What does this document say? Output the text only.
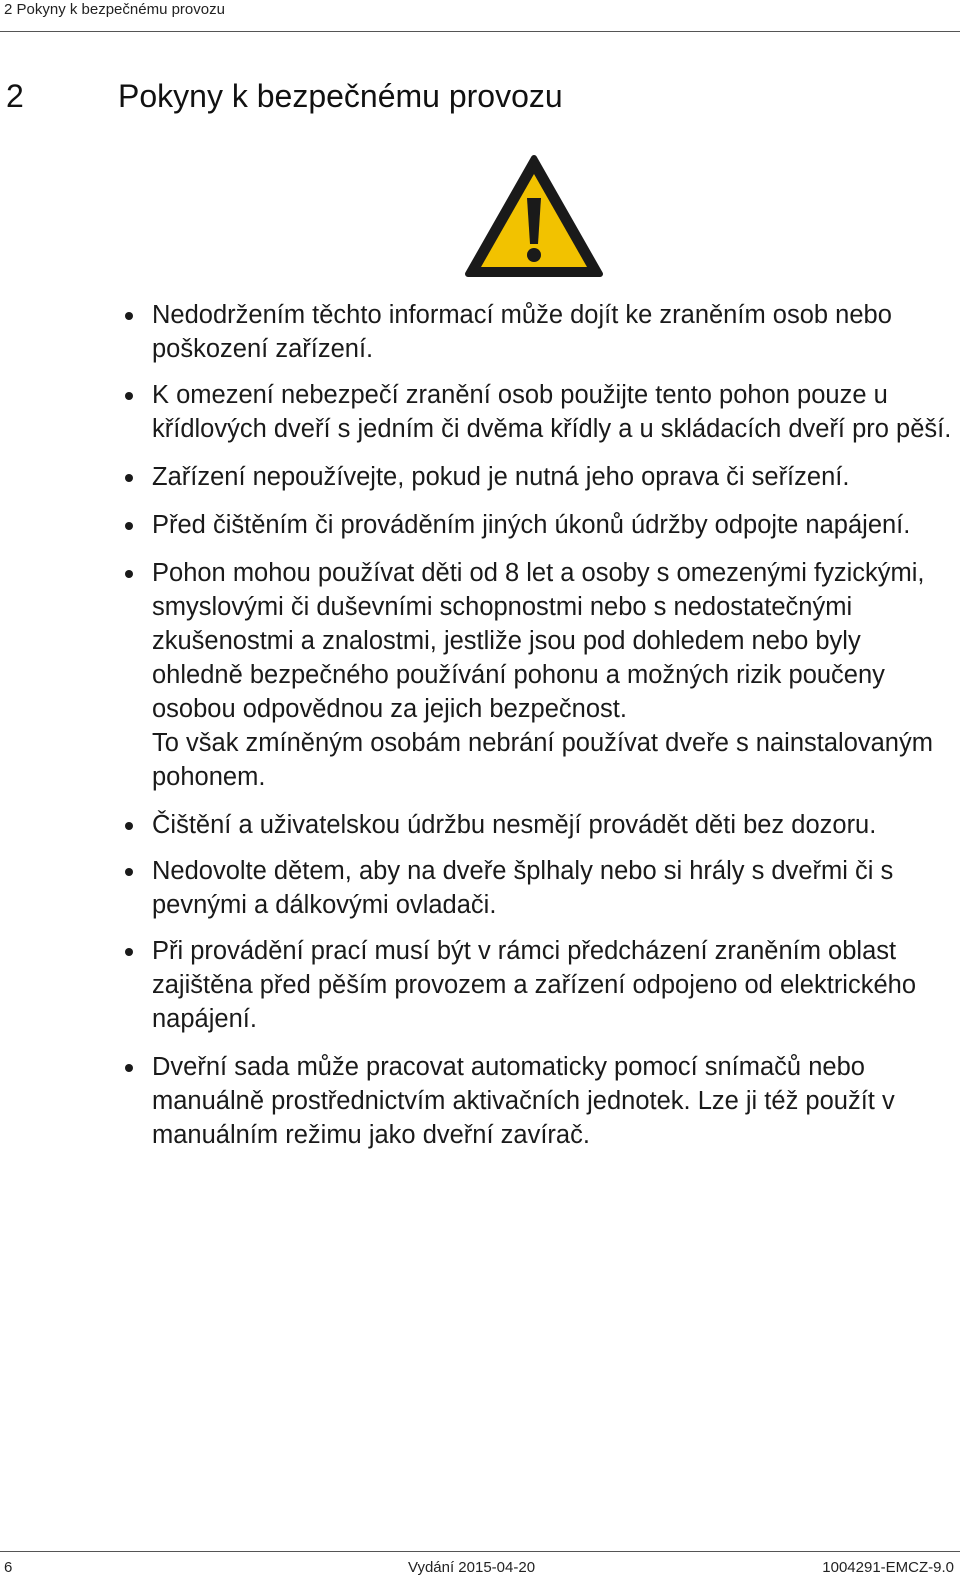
2 Pokyny k bezpečnému provozu
2	Pokyny k bezpečnému provozu
Nedodržením těchto informací může dojít ke zraněním osob nebo poškození zařízení.
K omezení nebezpečí zranění osob použijte tento pohon pouze u křídlových dveří s jedním či dvěma křídly a u skládacích dveří pro pěší.
Zařízení nepoužívejte, pokud je nutná jeho oprava či seřízení.
Před čištěním či prováděním jiných úkonů údržby odpojte napájení.
Pohon mohou používat děti od 8 let a osoby s omezenými fyzickými, smyslovými či duševními schopnostmi nebo s nedostatečnými zkušenostmi a znalostmi, jestliže jsou pod dohledem nebo byly ohledně bezpečného používání pohonu a možných rizik poučeny osobou odpovědnou za jejich bezpečnost.
To však zmíněným osobám nebrání používat dveře s nainstalovaným pohonem.
Čištění a uživatelskou údržbu nesmějí provádět děti bez dozoru.
Nedovolte dětem, aby na dveře šplhaly nebo si hrály s dveřmi či s pevnými a dálkovými ovladači.
Při provádění prací musí být v rámci předcházení zraněním oblast zajištěna před pěším provozem a zařízení odpojeno od elektrického napájení.
Dveřní sada může pracovat automaticky pomocí snímačů nebo manuálně prostřednictvím aktivačních jednotek. Lze ji též použít v manuálním režimu jako dveřní zavírač.
6	Vydání 2015-04-20	1004291-EMCZ-9.0
